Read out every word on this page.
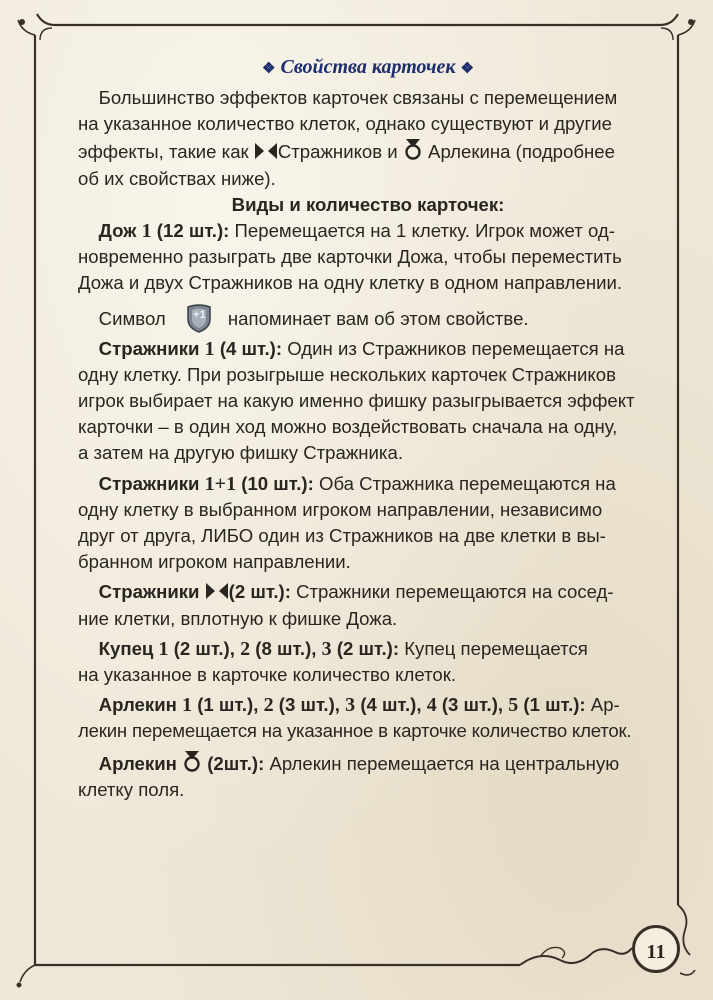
11
❖ Свойства карточек ❖

Большинство эффектов карточек связаны с перемещением

на указанное количество клеток, однако существуют и другие

эффекты, такие как Стражников и Арлекина (подробнее

об их свойствах ниже).

Виды и количество карточек:

Дож 1 (12 шт.): Перемещается на 1 клетку. Игрок может од-

новременно разыграть две карточки Дожа, чтобы переместить

Дожа и двух Стражников на одну клетку в одном направлении.

Символ	+1	напоминает вам об этом свойстве.

Стражники 1 (4 шт.): Один из Стражников перемещается на

одну клетку. При розыгрыше нескольких карточек Стражников

игрок выбирает на какую именно фишку разыгрывается эффект

карточки – в один ход можно воздействовать сначала на одну,

а затем на другую фишку Стражника.

Стражники 1+1 (10 шт.): Оба Стражника перемещаются на

одну клетку в выбранном игроком направлении, независимо

друг от друга, ЛИБО один из Стражников на две клетки в вы-

бранном игроком направлении.

Стражники (2 шт.): Стражники перемещаются на сосед-

ние клетки, вплотную к фишке Дожа.

Купец 1 (2 шт.), 2 (8 шт.), 3 (2 шт.): Купец перемещается

на указанное в карточке количество клеток.

Арлекин 1 (1 шт.), 2 (3 шт.), 3 (4 шт.), 4 (3 шт.), 5 (1 шт.): Ар-

лекин перемещается на указанное в карточке количество клеток.

Арлекин (2шт.): Арлекин перемещается на центральную

клетку поля.
